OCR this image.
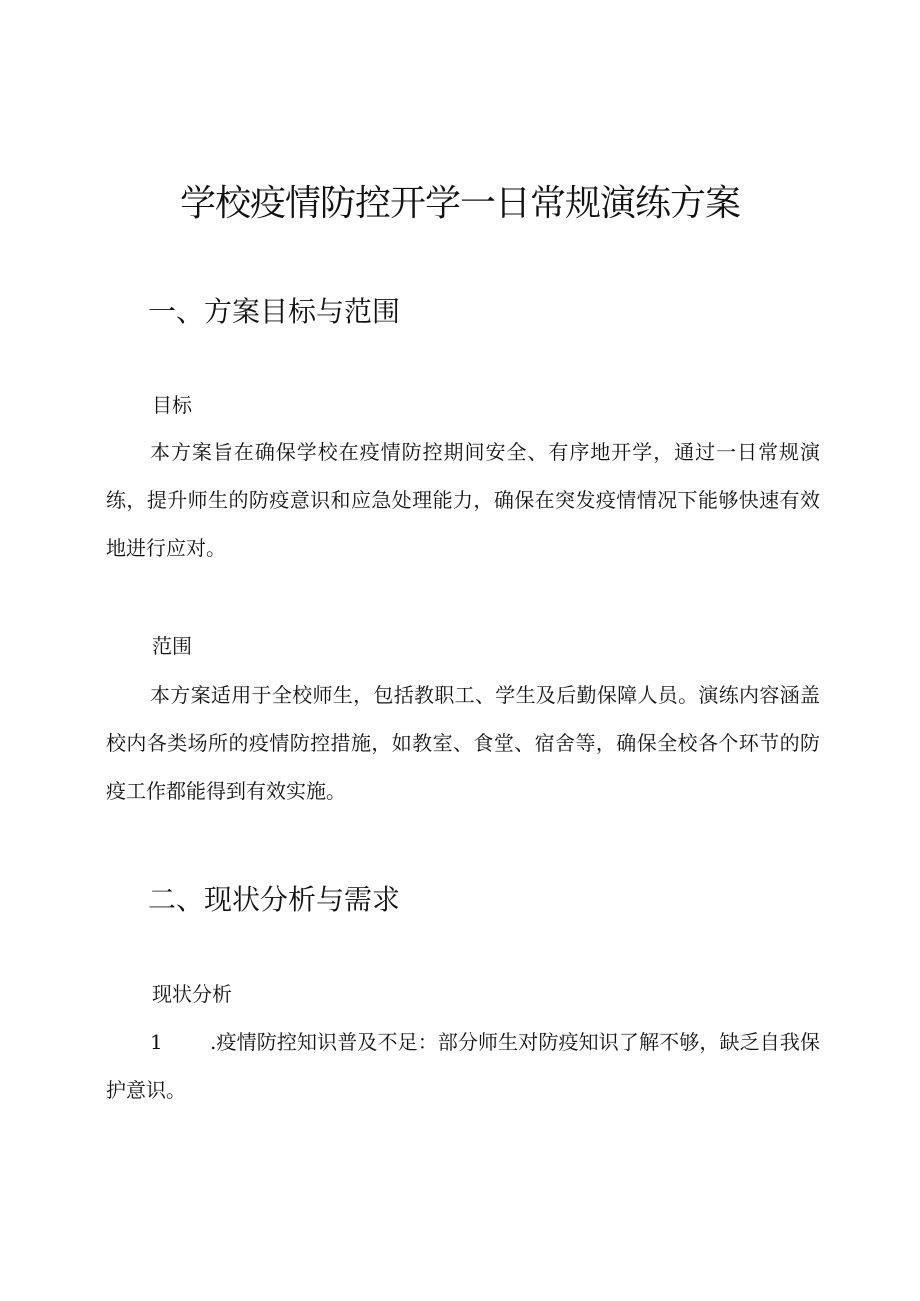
学校疫情防控开学一日常规演练方案
一、方案目标与范围
目标

本方案旨在确保学校在疫情防控期间安全、有序地开学，通过一日常规演练，提升师生的防疫意识和应急处理能力，确保在突发疫情情况下能够快速有效地进行应对。

范围

本方案适用于全校师生，包括教职工、学生及后勤保障人员。演练内容涵盖校内各类场所的疫情防控措施，如教室、食堂、宿舍等，确保全校各个环节的防疫工作都能得到有效实施。

二、现状分析与需求
现状分析

1 .疫情防控知识普及不足：部分师生对防疫知识了解不够，缺乏自我保护意识。
